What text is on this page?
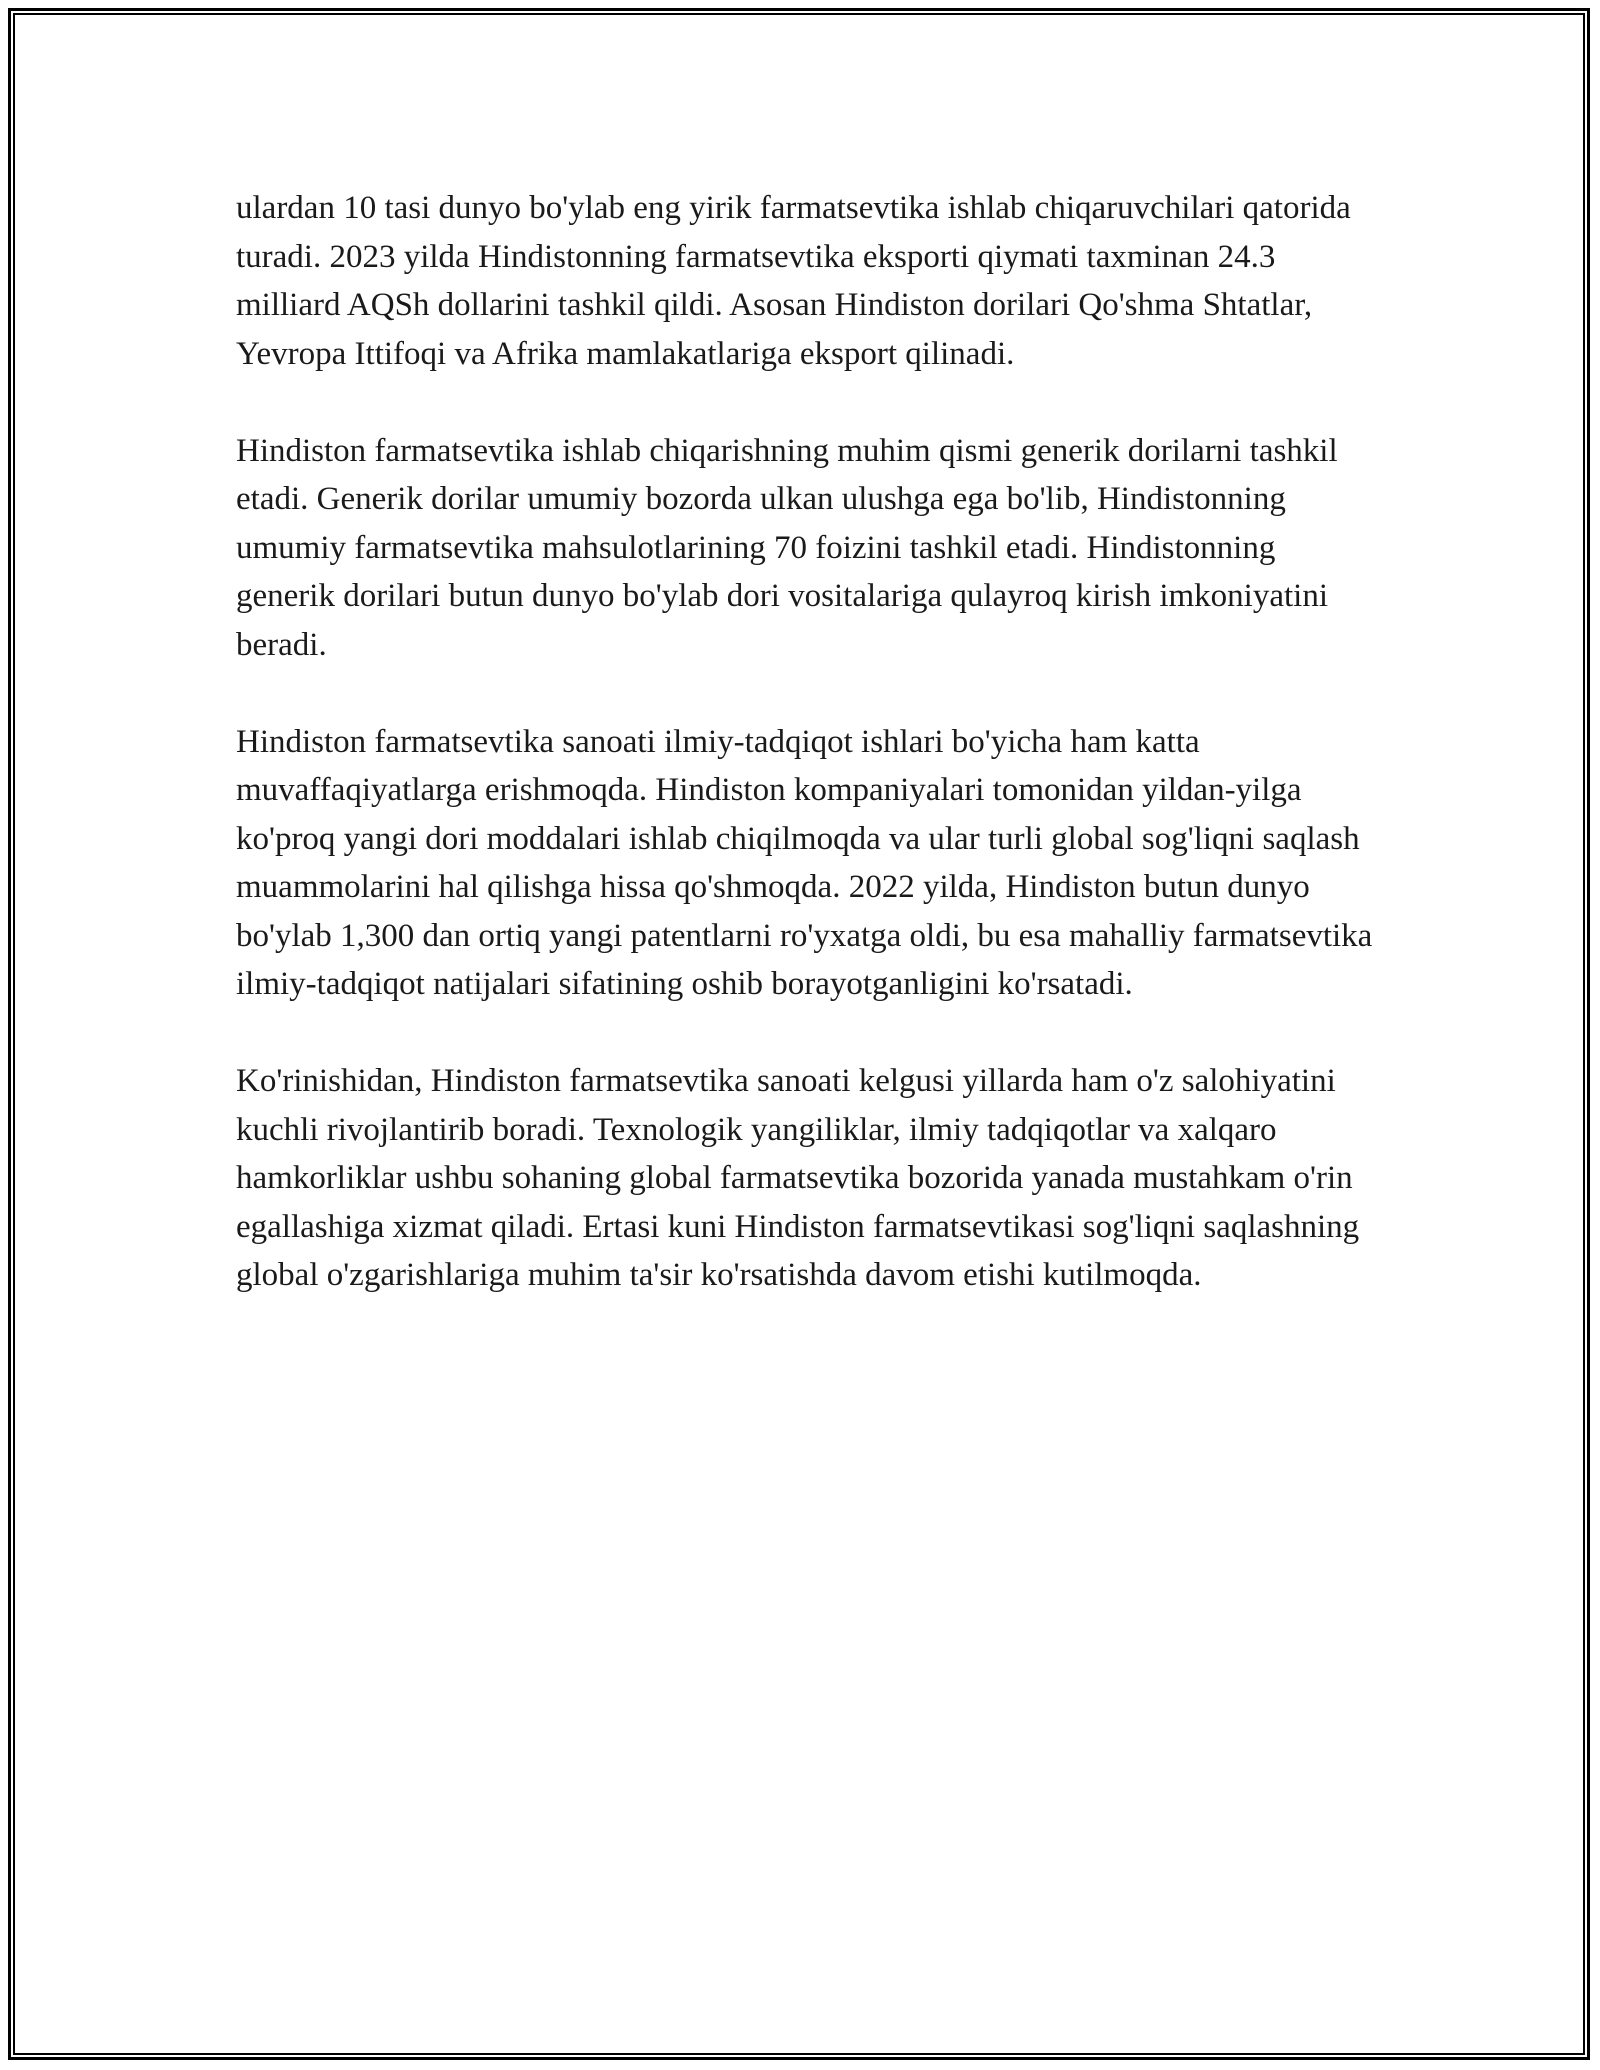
ulardan 10 tasi dunyo bo'ylab eng yirik farmatsevtika ishlab chiqaruvchilari qatorida turadi. 2023 yilda Hindistonning farmatsevtika eksporti qiymati taxminan 24.3 milliard AQSh dollarini tashkil qildi. Asosan Hindiston dorilari Qo'shma Shtatlar, Yevropa Ittifoqi va Afrika mamlakatlariga eksport qilinadi.

Hindiston farmatsevtika ishlab chiqarishning muhim qismi generik dorilarni tashkil etadi. Generik dorilar umumiy bozorda ulkan ulushga ega bo'lib, Hindistonning umumiy farmatsevtika mahsulotlarining 70 foizini tashkil etadi. Hindistonning generik dorilari butun dunyo bo'ylab dori vositalariga qulayroq kirish imkoniyatini beradi.

Hindiston farmatsevtika sanoati ilmiy-tadqiqot ishlari bo'yicha ham katta muvaffaqiyatlarga erishmoqda. Hindiston kompaniyalari tomonidan yildan-yilga ko'proq yangi dori moddalari ishlab chiqilmoqda va ular turli global sog'liqni saqlash muammolarini hal qilishga hissa qo'shmoqda. 2022 yilda, Hindiston butun dunyo bo'ylab 1,300 dan ortiq yangi patentlarni ro'yxatga oldi, bu esa mahalliy farmatsevtika ilmiy-tadqiqot natijalari sifatining oshib borayotganligini ko'rsatadi.

Ko'rinishidan, Hindiston farmatsevtika sanoati kelgusi yillarda ham o'z salohiyatini kuchli rivojlantirib boradi. Texnologik yangiliklar, ilmiy tadqiqotlar va xalqaro hamkorliklar ushbu sohaning global farmatsevtika bozorida yanada mustahkam o'rin egallashiga xizmat qiladi. Ertasi kuni Hindiston farmatsevtikasi sog'liqni saqlashning global o'zgarishlariga muhim ta'sir ko'rsatishda davom etishi kutilmoqda.
